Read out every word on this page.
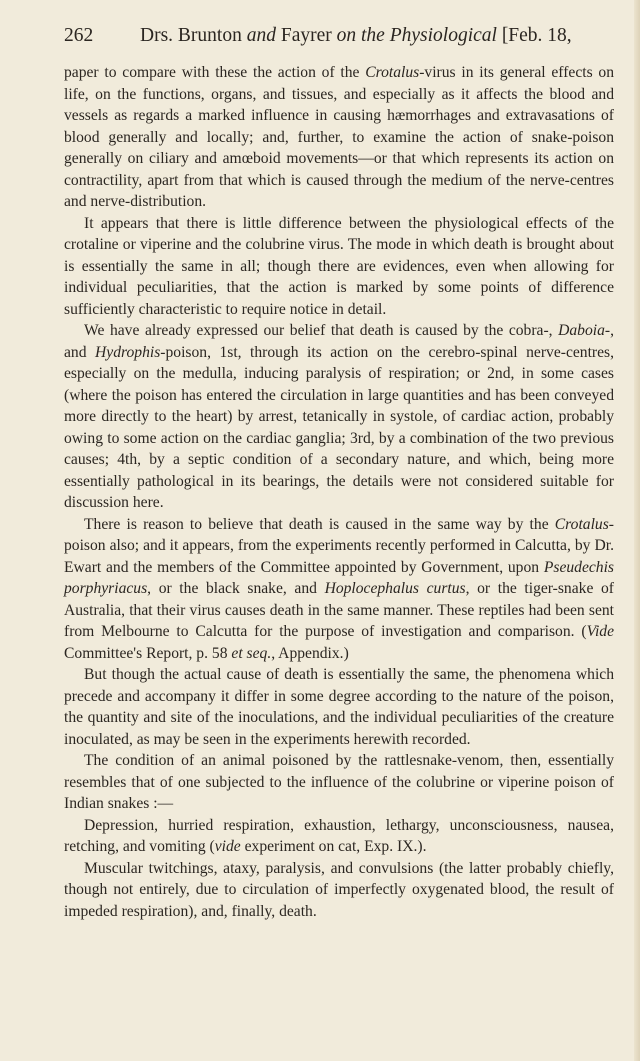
262	Drs. Brunton and Fayrer on the Physiological [Feb. 18,

paper to compare with these the action of the Crotalus-virus in its general effects on life, on the functions, organs, and tissues, and especially as it affects the blood and vessels as regards a marked influence in causing hæmorrhages and extravasations of blood generally and locally; and, further, to examine the action of snake-poison generally on ciliary and amœboid movements—or that which represents its action on contractility, apart from that which is caused through the medium of the nerve-centres and nerve-distribution.

It appears that there is little difference between the physiological effects of the crotaline or viperine and the colubrine virus. The mode in which death is brought about is essentially the same in all; though there are evidences, even when allowing for individual peculiarities, that the action is marked by some points of difference sufficiently characteristic to require notice in detail.

We have already expressed our belief that death is caused by the cobra-, Daboia-, and Hydrophis-poison, 1st, through its action on the cerebro-spinal nerve-centres, especially on the medulla, inducing paralysis of respiration; or 2nd, in some cases (where the poison has entered the circulation in large quantities and has been conveyed more directly to the heart) by arrest, tetanically in systole, of cardiac action, probably owing to some action on the cardiac ganglia; 3rd, by a combination of the two previous causes; 4th, by a septic condition of a secondary nature, and which, being more essentially pathological in its bearings, the details were not considered suitable for discussion here.

There is reason to believe that death is caused in the same way by the Crotalus-poison also; and it appears, from the experiments recently performed in Calcutta, by Dr. Ewart and the members of the Committee appointed by Government, upon Pseudechis porphyriacus, or the black snake, and Hoplocephalus curtus, or the tiger-snake of Australia, that their virus causes death in the same manner. These reptiles had been sent from Melbourne to Calcutta for the purpose of investigation and comparison. (Vide Committee's Report, p. 58 et seq., Appendix.)

But though the actual cause of death is essentially the same, the phenomena which precede and accompany it differ in some degree according to the nature of the poison, the quantity and site of the inoculations, and the individual peculiarities of the creature inoculated, as may be seen in the experiments herewith recorded.

The condition of an animal poisoned by the rattlesnake-venom, then, essentially resembles that of one subjected to the influence of the colubrine or viperine poison of Indian snakes :—

Depression, hurried respiration, exhaustion, lethargy, unconsciousness, nausea, retching, and vomiting (vide experiment on cat, Exp. IX.).

Muscular twitchings, ataxy, paralysis, and convulsions (the latter probably chiefly, though not entirely, due to circulation of imperfectly oxygenated blood, the result of impeded respiration), and, finally, death.
